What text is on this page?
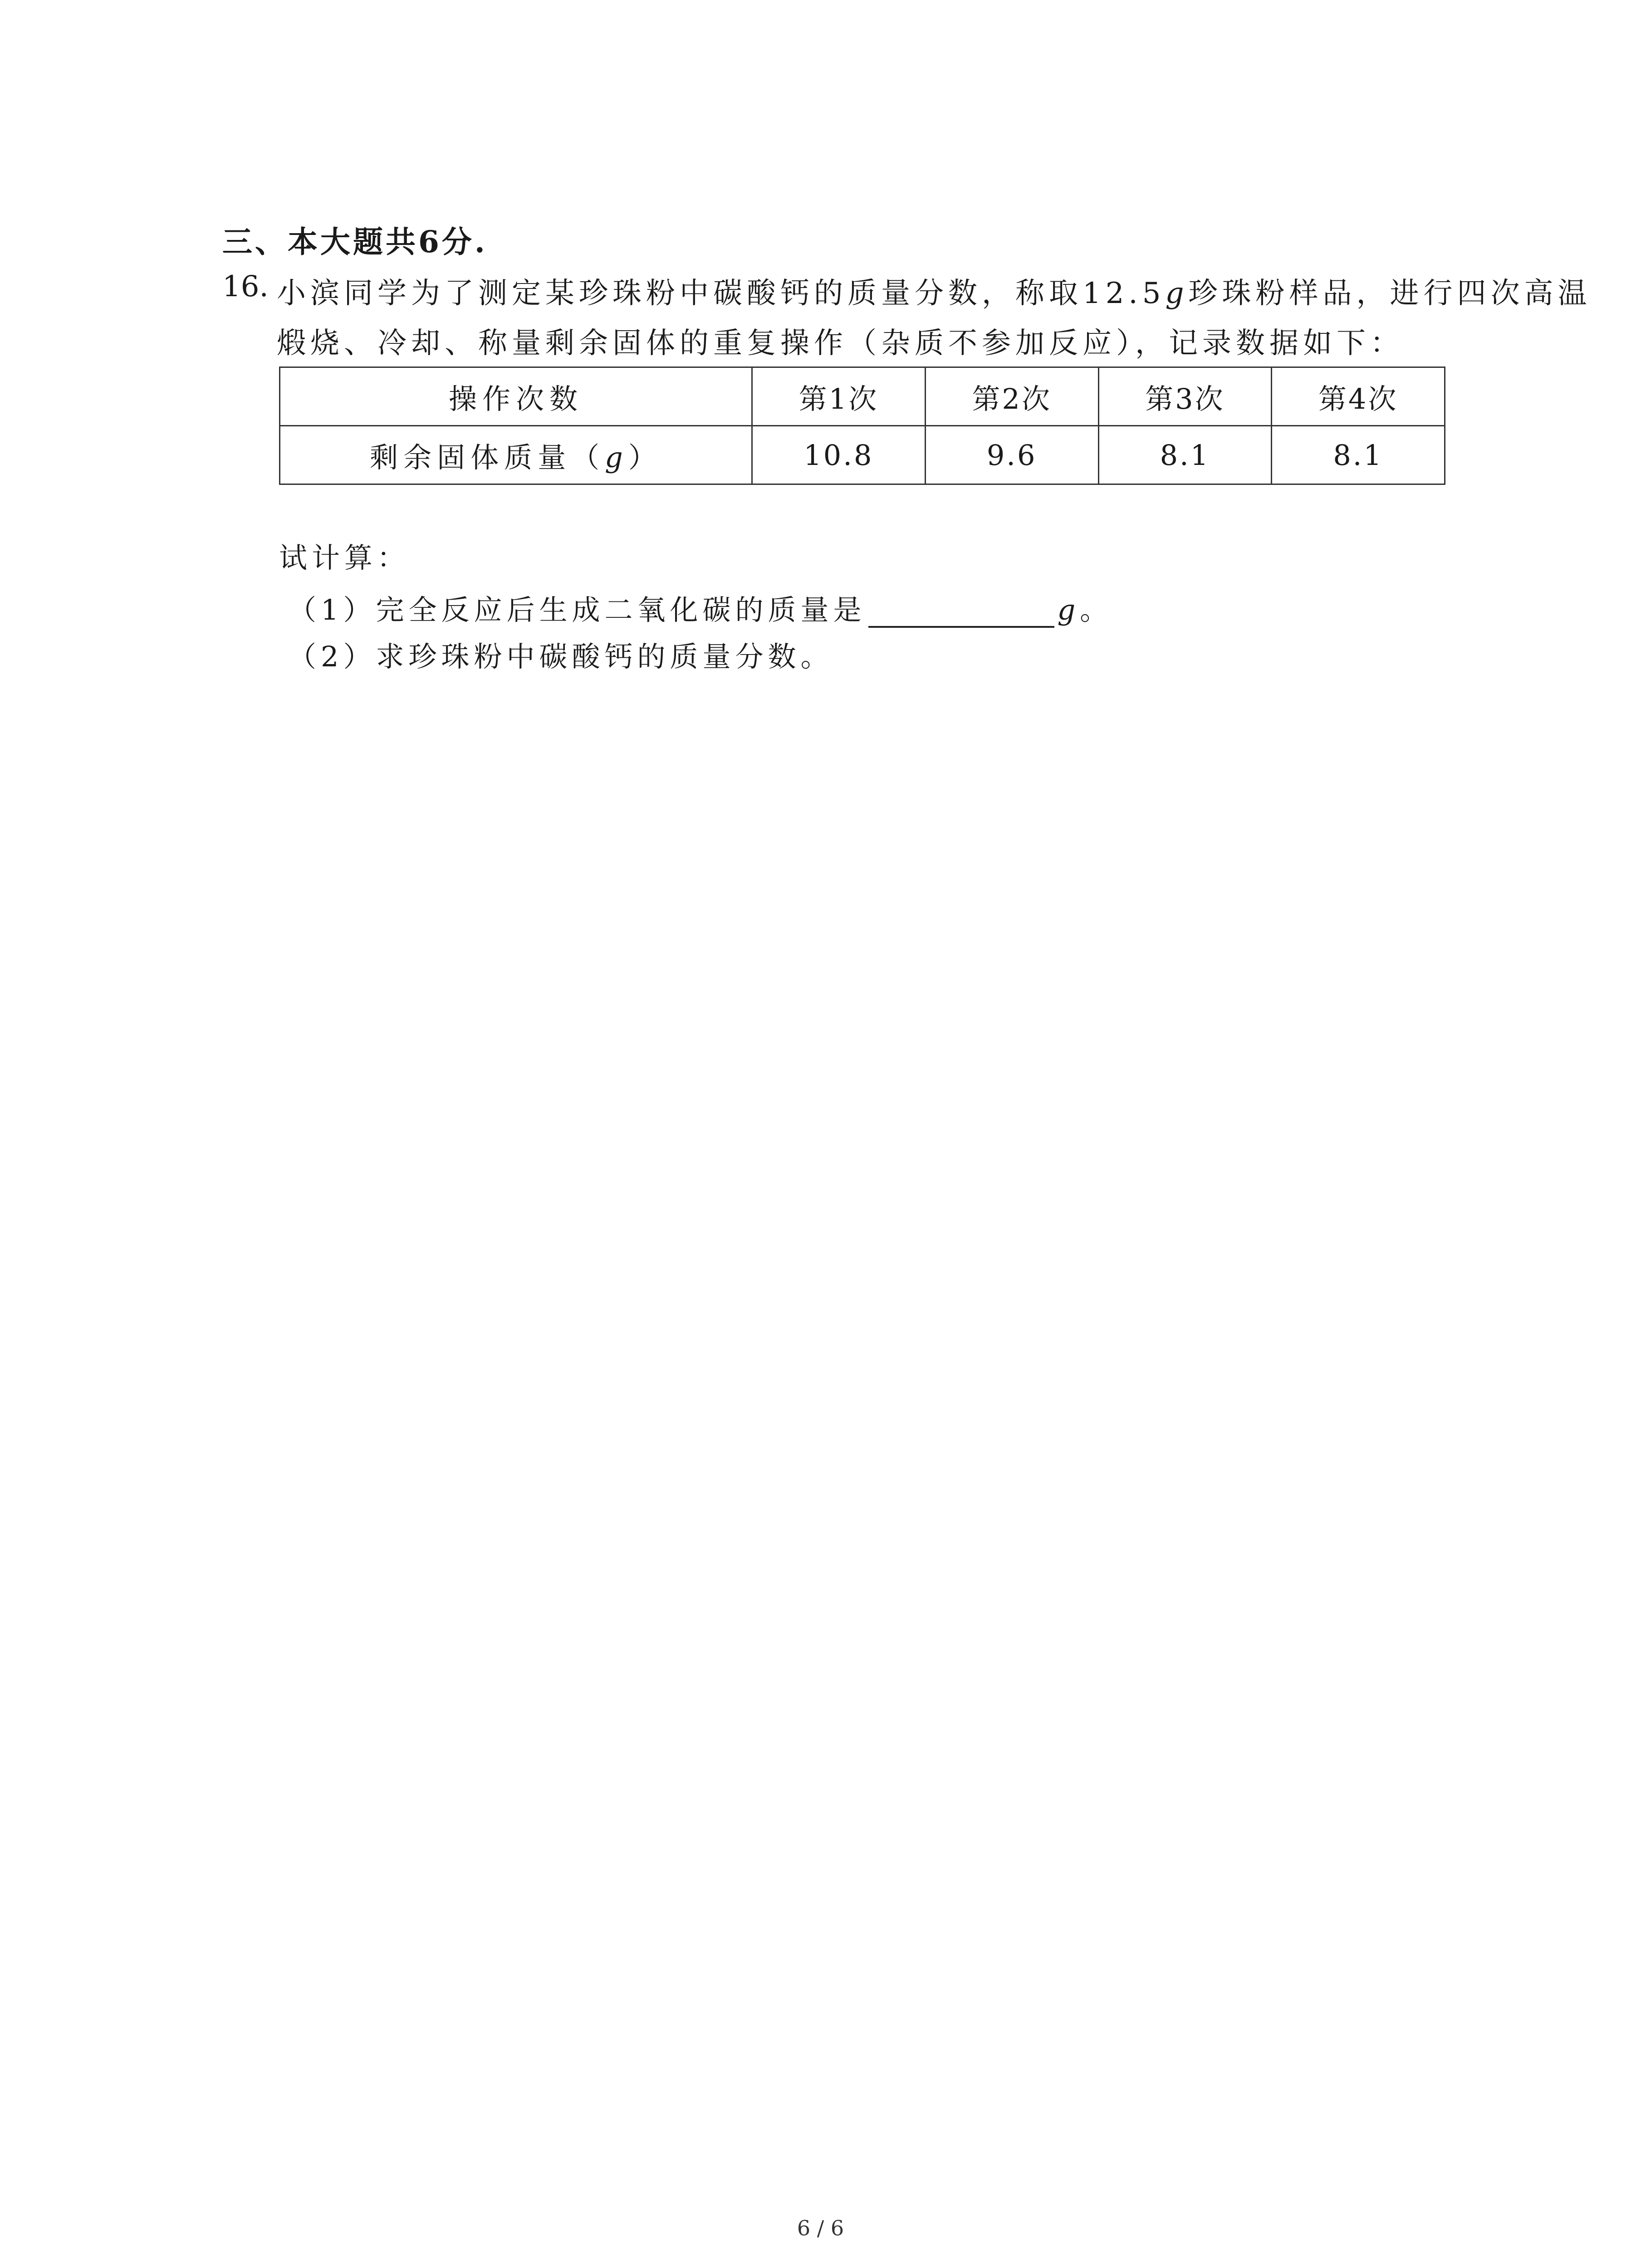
三、本大题共6分.
16. 小滨同学为了测定某珍珠粉中碳酸钙的质量分数，称取12.5g珍珠粉样品，进行四次高温
煅烧、冷却、称量剩余固体的重复操作（杂质不参加反应），记录数据如下：
操作次数	第1次	第2次	第3次	第4次
剩余固体质量（g）	10.8	9.6	8.1	8.1
试计算：
（1）完全反应后生成二氧化碳的质量是	g。
（2）求珍珠粉中碳酸钙的质量分数。
6 / 6
